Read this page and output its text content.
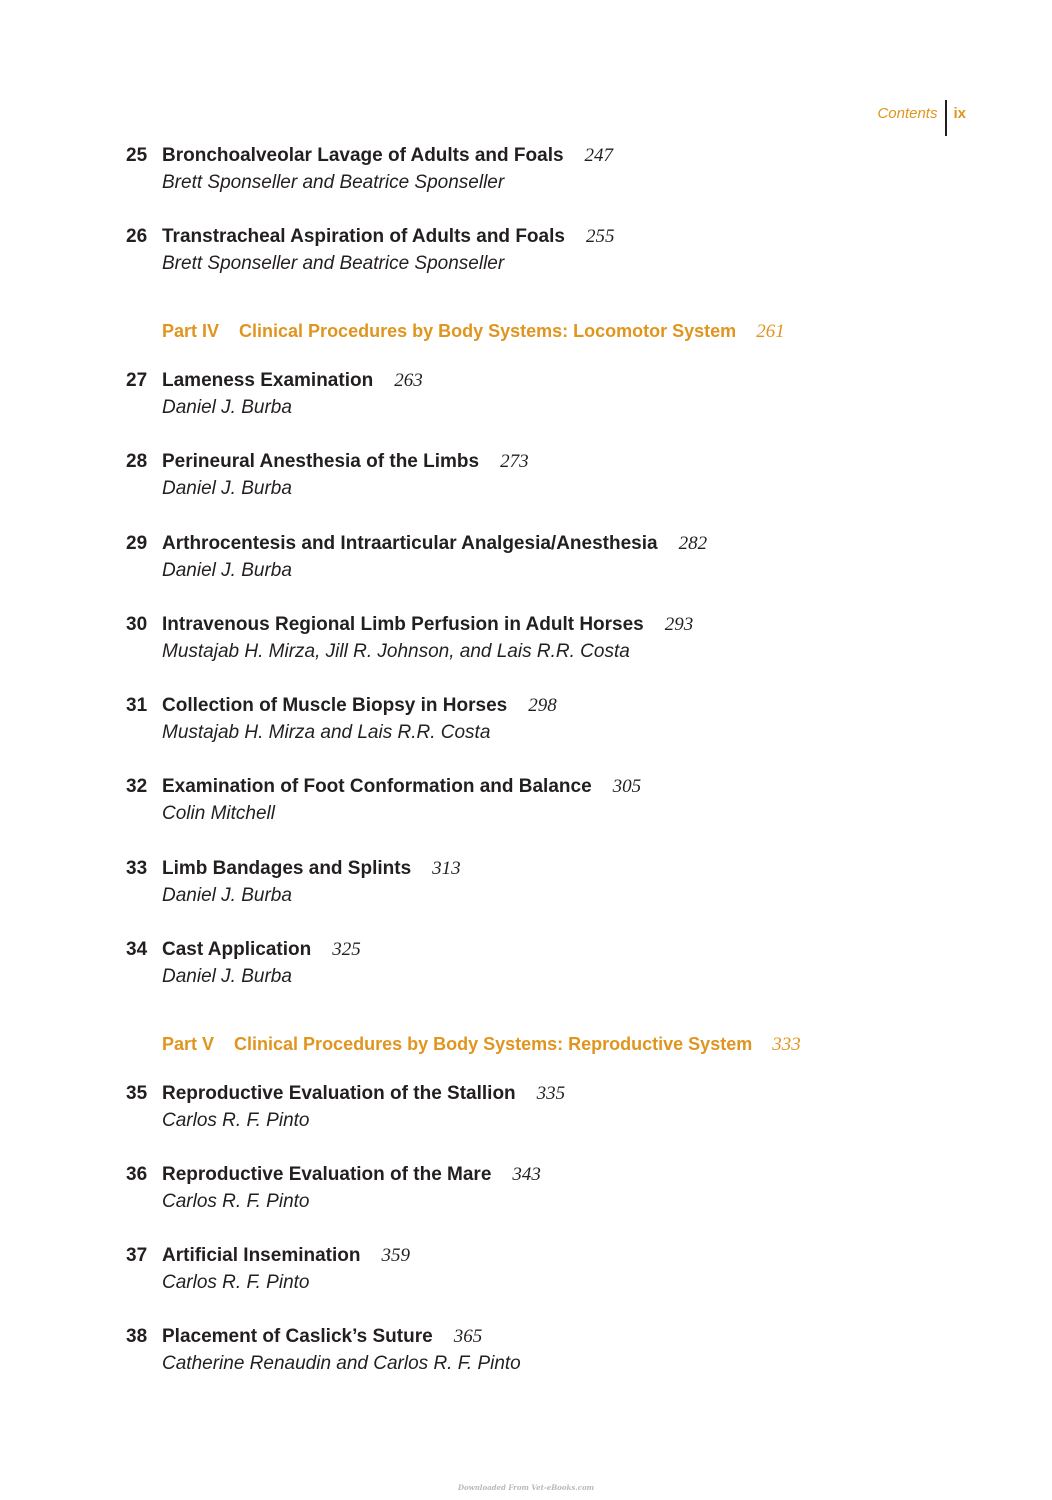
Contents	ix
25 Bronchoalveolar Lavage of Adults and Foals 247
Brett Sponseller and Beatrice Sponseller
26 Transtracheal Aspiration of Adults and Foals 255
Brett Sponseller and Beatrice Sponseller
Part IV Clinical Procedures by Body Systems: Locomotor System 261
27 Lameness Examination 263
Daniel J. Burba
28 Perineural Anesthesia of the Limbs 273
Daniel J. Burba
29 Arthrocentesis and Intraarticular Analgesia/Anesthesia 282
Daniel J. Burba
30 Intravenous Regional Limb Perfusion in Adult Horses 293
Mustajab H. Mirza, Jill R. Johnson, and Lais R.R. Costa
31 Collection of Muscle Biopsy in Horses 298
Mustajab H. Mirza and Lais R.R. Costa
32 Examination of Foot Conformation and Balance 305
Colin Mitchell
33 Limb Bandages and Splints 313
Daniel J. Burba
34 Cast Application 325
Daniel J. Burba
Part V Clinical Procedures by Body Systems: Reproductive System 333
35 Reproductive Evaluation of the Stallion 335
Carlos R. F. Pinto
36 Reproductive Evaluation of the Mare 343
Carlos R. F. Pinto
37 Artificial Insemination 359
Carlos R. F. Pinto
38 Placement of Caslick’s Suture 365
Catherine Renaudin and Carlos R. F. Pinto
Downloaded From Vet-eBooks.com
